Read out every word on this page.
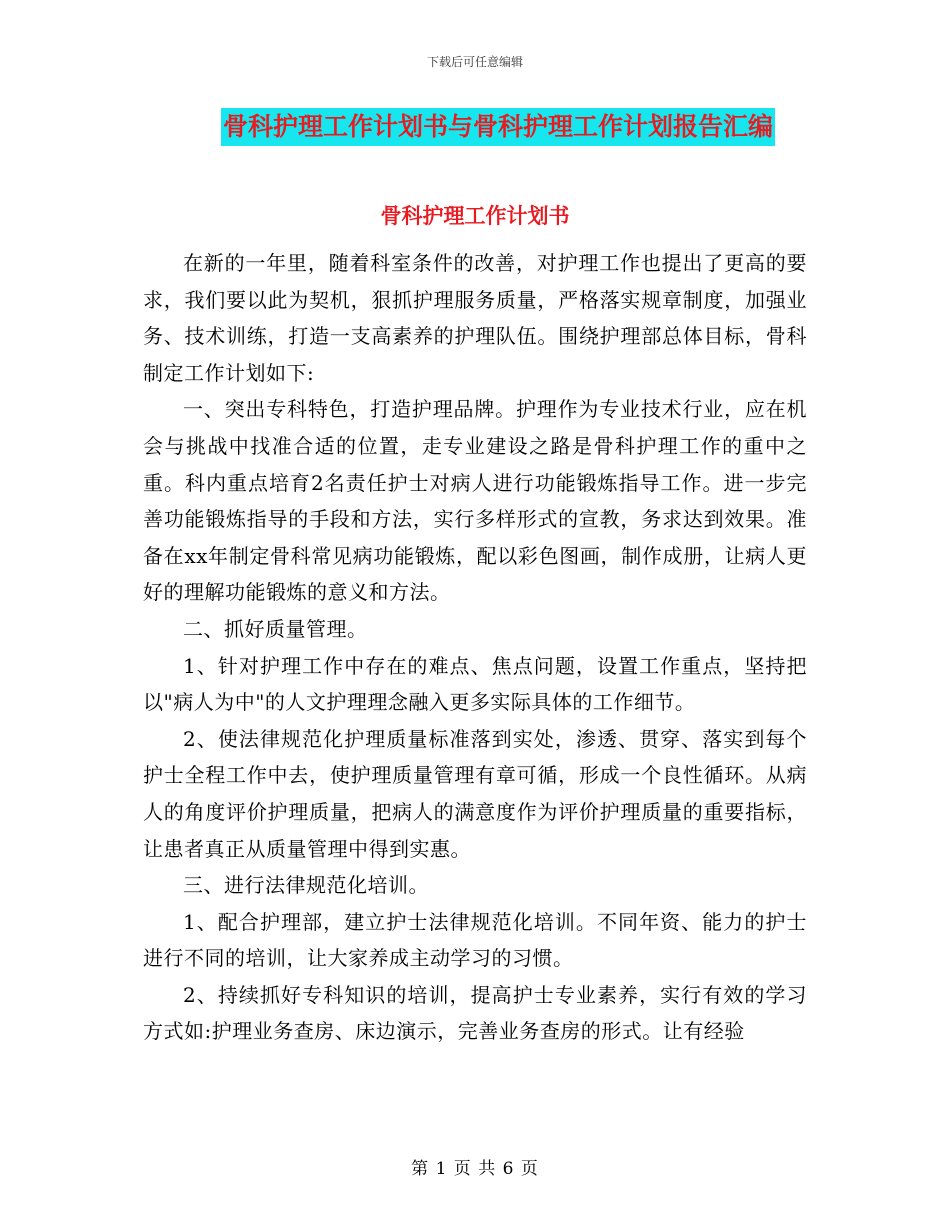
下载后可任意编辑
骨科护理工作计划书与骨科护理工作计划报告汇编
骨科护理工作计划书

在新的一年里，随着科室条件的改善，对护理工作也提出了更高的要求，我们要以此为契机，狠抓护理服务质量，严格落实规章制度，加强业务、技术训练，打造一支高素养的护理队伍。围绕护理部总体目标，骨科制定工作计划如下:

一、突出专科特色，打造护理品牌。护理作为专业技术行业，应在机会与挑战中找准合适的位置，走专业建设之路是骨科护理工作的重中之重。科内重点培育2名责任护士对病人进行功能锻炼指导工作。进一步完善功能锻炼指导的手段和方法，实行多样形式的宣教，务求达到效果。准备在xx年制定骨科常见病功能锻炼，配以彩色图画，制作成册，让病人更好的理解功能锻炼的意义和方法。

二、抓好质量管理。

1、针对护理工作中存在的难点、焦点问题，设置工作重点，坚持把以"病人为中"的人文护理理念融入更多实际具体的工作细节。

2、使法律规范化护理质量标准落到实处，渗透、贯穿、落实到每个护士全程工作中去，使护理质量管理有章可循，形成一个良性循环。从病人的角度评价护理质量，把病人的满意度作为评价护理质量的重要指标，让患者真正从质量管理中得到实惠。

三、进行法律规范化培训。

1、配合护理部，建立护士法律规范化培训。不同年资、能力的护士进行不同的培训，让大家养成主动学习的习惯。

2、持续抓好专科知识的培训，提高护士专业素养，实行有效的学习方式如:护理业务查房、床边演示，完善业务查房的形式。让有经验

第 1 页 共 6 页
